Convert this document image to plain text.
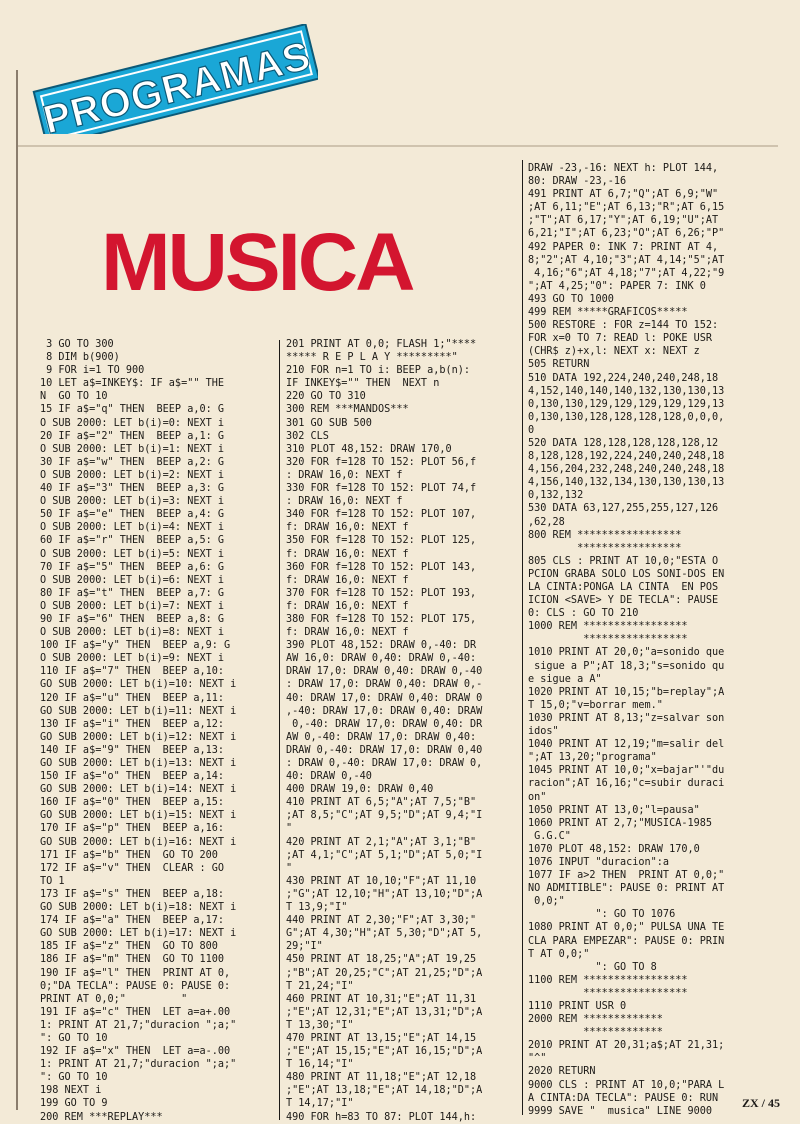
PROGRAMAS
MUSICA
3 GO TO 300
8 DIM b(900)
9 FOR i=1 TO 900
10 LET a$=INKEY$: IF a$="" THE
N  GO TO 10
15 IF a$="q" THEN  BEEP a,0: G
O SUB 2000: LET b(i)=0: NEXT i
20 IF a$="2" THEN  BEEP a,1: G
O SUB 2000: LET b(i)=1: NEXT i
30 IF a$="w" THEN  BEEP a,2: G
O SUB 2000: LET b(i)=2: NEXT i
40 IF a$="3" THEN  BEEP a,3: G
O SUB 2000: LET b(i)=3: NEXT i
50 IF a$="e" THEN  BEEP a,4: G
O SUB 2000: LET b(i)=4: NEXT i
60 IF a$="r" THEN  BEEP a,5: G
O SUB 2000: LET b(i)=5: NEXT i
70 IF a$="5" THEN  BEEP a,6: G
O SUB 2000: LET b(i)=6: NEXT i
80 IF a$="t" THEN  BEEP a,7: G
O SUB 2000: LET b(i)=7: NEXT i
90 IF a$="6" THEN  BEEP a,8: G
O SUB 2000: LET b(i)=8: NEXT i
100 IF a$="y" THEN  BEEP a,9: G
O SUB 2000: LET b(i)=9: NEXT i
110 IF a$="7" THEN  BEEP a,10:
GO SUB 2000: LET b(i)=10: NEXT i
120 IF a$="u" THEN  BEEP a,11:
GO SUB 2000: LET b(i)=11: NEXT i
130 IF a$="i" THEN  BEEP a,12:
GO SUB 2000: LET b(i)=12: NEXT i
140 IF a$="9" THEN  BEEP a,13:
GO SUB 2000: LET b(i)=13: NEXT i
150 IF a$="o" THEN  BEEP a,14:
GO SUB 2000: LET b(i)=14: NEXT i
160 IF a$="0" THEN  BEEP a,15:
GO SUB 2000: LET b(i)=15: NEXT i
170 IF a$="p" THEN  BEEP a,16:
GO SUB 2000: LET b(i)=16: NEXT i
171 IF a$="b" THEN  GO TO 200
172 IF a$="v" THEN  CLEAR : GO
TO 1
173 IF a$="s" THEN  BEEP a,18:
GO SUB 2000: LET b(i)=18: NEXT i
174 IF a$="a" THEN  BEEP a,17:
GO SUB 2000: LET b(i)=17: NEXT i
185 IF a$="z" THEN  GO TO 800
186 IF a$="m" THEN  GO TO 1100
190 IF a$="l" THEN  PRINT AT 0,
0;"DA TECLA": PAUSE 0: PAUSE 0:
PRINT AT 0,0;"         "
191 IF a$="c" THEN  LET a=a+.00
1: PRINT AT 21,7;"duracion ";a;"
": GO TO 10
192 IF a$="x" THEN  LET a=a-.00
1: PRINT AT 21,7;"duracion ";a;"
": GO TO 10
198 NEXT i
199 GO TO 9
200 REM ***REPLAY***
201 PRINT AT 0,0; FLASH 1;"****
***** R E P L A Y *********"
210 FOR n=1 TO i: BEEP a,b(n):
IF INKEY$="" THEN  NEXT n
220 GO TO 310
300 REM ***MANDOS***
301 GO SUB 500
302 CLS
310 PLOT 48,152: DRAW 170,0
320 FOR f=128 TO 152: PLOT 56,f
: DRAW 16,0: NEXT f
330 FOR f=128 TO 152: PLOT 74,f
: DRAW 16,0: NEXT f
340 FOR f=128 TO 152: PLOT 107,
f: DRAW 16,0: NEXT f
350 FOR f=128 TO 152: PLOT 125,
f: DRAW 16,0: NEXT f
360 FOR f=128 TO 152: PLOT 143,
f: DRAW 16,0: NEXT f
370 FOR f=128 TO 152: PLOT 193,
f: DRAW 16,0: NEXT f
380 FOR f=128 TO 152: PLOT 175,
f: DRAW 16,0: NEXT f
390 PLOT 48,152: DRAW 0,-40: DR
AW 16,0: DRAW 0,40: DRAW 0,-40:
DRAW 17,0: DRAW 0,40: DRAW 0,-40
: DRAW 17,0: DRAW 0,40: DRAW 0,-
40: DRAW 17,0: DRAW 0,40: DRAW 0
,-40: DRAW 17,0: DRAW 0,40: DRAW
0,-40: DRAW 17,0: DRAW 0,40: DR
AW 0,-40: DRAW 17,0: DRAW 0,40:
DRAW 0,-40: DRAW 17,0: DRAW 0,40
: DRAW 0,-40: DRAW 17,0: DRAW 0,
40: DRAW 0,-40
400 DRAW 19,0: DRAW 0,40
410 PRINT AT 6,5;"A";AT 7,5;"B"
;AT 8,5;"C";AT 9,5;"D";AT 9,4;"I
"
420 PRINT AT 2,1;"A";AT 3,1;"B"
;AT 4,1;"C";AT 5,1;"D";AT 5,0;"I
"
430 PRINT AT 10,10;"F";AT 11,10
;"G";AT 12,10;"H";AT 13,10;"D";A
T 13,9;"I"
440 PRINT AT 2,30;"F";AT 3,30;"
G";AT 4,30;"H";AT 5,30;"D";AT 5,
29;"I"
450 PRINT AT 18,25;"A";AT 19,25
;"B";AT 20,25;"C";AT 21,25;"D";A
T 21,24;"I"
460 PRINT AT 10,31;"E";AT 11,31
;"E";AT 12,31;"E";AT 13,31;"D";A
T 13,30;"I"
470 PRINT AT 13,15;"E";AT 14,15
;"E";AT 15,15;"E";AT 16,15;"D";A
T 16,14;"I"
480 PRINT AT 11,18;"E";AT 12,18
;"E";AT 13,18;"E";AT 14,18;"D";A
T 14,17;"I"
490 FOR h=83 TO 87: PLOT 144,h:
DRAW -23,-16: NEXT h: PLOT 144,
80: DRAW -23,-16
491 PRINT AT 6,7;"Q";AT 6,9;"W"
;AT 6,11;"E";AT 6,13;"R";AT 6,15
;"T";AT 6,17;"Y";AT 6,19;"U";AT
6,21;"I";AT 6,23;"O";AT 6,26;"P"
492 PAPER 0: INK 7: PRINT AT 4,
8;"2";AT 4,10;"3";AT 4,14;"5";AT
4,16;"6";AT 4,18;"7";AT 4,22;"9
";AT 4,25;"0": PAPER 7: INK 0
493 GO TO 1000
499 REM *****GRAFICOS*****
500 RESTORE : FOR z=144 TO 152:
FOR x=0 TO 7: READ l: POKE USR
(CHR$ z)+x,l: NEXT x: NEXT z
505 RETURN
510 DATA 192,224,240,240,248,18
4,152,140,140,140,132,130,130,13
0,130,130,129,129,129,129,129,13
0,130,130,128,128,128,128,0,0,0,
0
520 DATA 128,128,128,128,128,12
8,128,128,192,224,240,240,248,18
4,156,204,232,248,240,240,248,18
4,156,140,132,134,130,130,130,13
0,132,132
530 DATA 63,127,255,255,127,126
,62,28
800 REM *****************
*****************
805 CLS : PRINT AT 10,0;"ESTA O
PCION GRABA SOLO LOS SONI-DOS EN
LA CINTA:PONGA LA CINTA  EN POS
ICION <SAVE> Y DE TECLA": PAUSE
0: CLS : GO TO 210
1000 REM *****************
*****************
1010 PRINT AT 20,0;"a=sonido que
sigue a P";AT 18,3;"s=sonido qu
e sigue a A"
1020 PRINT AT 10,15;"b=replay";A
T 15,0;"v=borrar mem."
1030 PRINT AT 8,13;"z=salvar son
idos"
1040 PRINT AT 12,19;"m=salir del
";AT 13,20;"programa"
1045 PRINT AT 10,0;"x=bajar"'"du
racion";AT 16,16;"c=subir duraci
on"
1050 PRINT AT 13,0;"l=pausa"
1060 PRINT AT 2,7;"MUSICA-1985
G.G.C"
1070 PLOT 48,152: DRAW 170,0
1076 INPUT "duracion":a
1077 IF a>2 THEN  PRINT AT 0,0;"
NO ADMITIBLE": PAUSE 0: PRINT AT
0,0;"
": GO TO 1076
1080 PRINT AT 0,0;" PULSA UNA TE
CLA PARA EMPEZAR": PAUSE 0: PRIN
T AT 0,0;"
": GO TO 8
1100 REM *****************
*****************
1110 PRINT USR 0
2000 REM *************
*************
2010 PRINT AT 20,31;a$;AT 21,31;
"^"
2020 RETURN
9000 CLS : PRINT AT 10,0;"PARA L
A CINTA:DA TECLA": PAUSE 0: RUN
9999 SAVE "  musica" LINE 9000
ZX / 45
